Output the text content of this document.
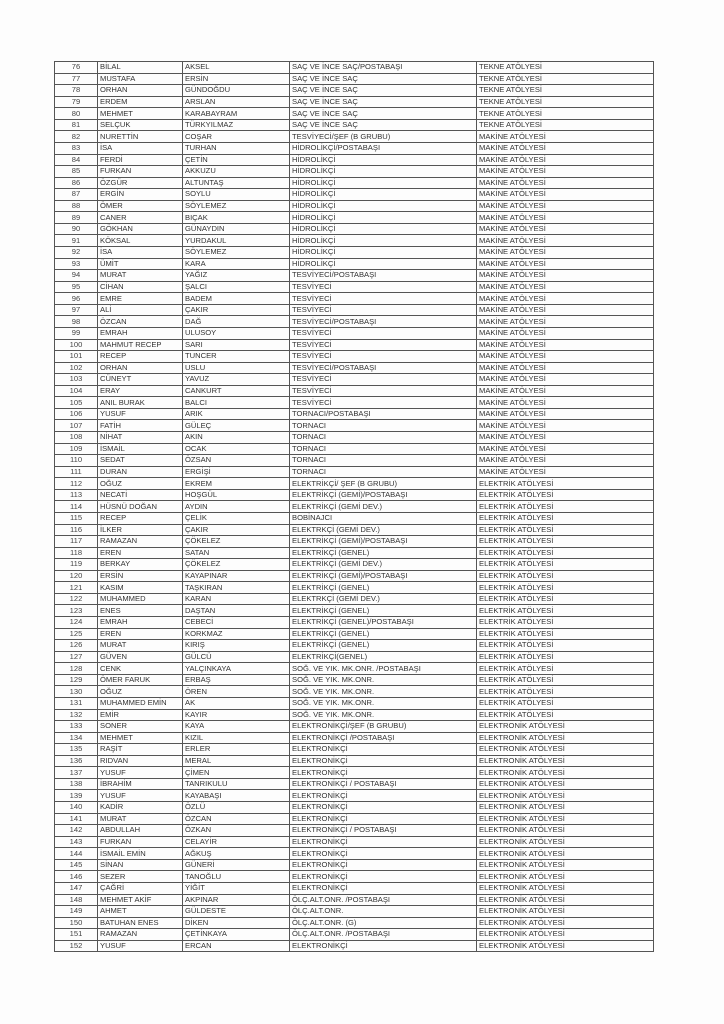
76	BİLAL	AKSEL	SAÇ VE İNCE SAÇ/POSTABAŞI	TEKNE ATÖLYESİ
77	MUSTAFA	ERSİN	SAÇ VE İNCE SAÇ	TEKNE ATÖLYESİ
78	ORHAN	GÜNDOĞDU	SAÇ VE İNCE SAÇ	TEKNE ATÖLYESİ
79	ERDEM	ARSLAN	SAÇ VE İNCE SAÇ	TEKNE ATÖLYESİ
80	MEHMET	KARABAYRAM	SAÇ VE İNCE SAÇ	TEKNE ATÖLYESİ
81	SELÇUK	TÜRKYILMAZ	SAÇ VE İNCE SAÇ	TEKNE ATÖLYESİ
82	NURETTİN	COŞAR	TESVİYECİ/ŞEF (B GRUBU)	MAKİNE ATÖLYESİ
83	İSA	TURHAN	HİDROLİKÇİ/POSTABAŞI	MAKİNE ATÖLYESİ
84	FERDİ	ÇETİN	HİDROLİKÇİ	MAKİNE ATÖLYESİ
85	FURKAN	AKKUZU	HİDROLİKÇİ	MAKİNE ATÖLYESİ
86	ÖZGÜR	ALTUNTAŞ	HİDROLİKÇİ	MAKİNE ATÖLYESİ
87	ERGİN	SOYLU	HİDROLİKÇİ	MAKİNE ATÖLYESİ
88	ÖMER	SÖYLEMEZ	HİDROLİKÇİ	MAKİNE ATÖLYESİ
89	CANER	BIÇAK	HİDROLİKÇİ	MAKİNE ATÖLYESİ
90	GÖKHAN	GÜNAYDIN	HİDROLİKÇİ	MAKİNE ATÖLYESİ
91	KÖKSAL	YURDAKUL	HİDROLİKÇİ	MAKİNE ATÖLYESİ
92	İSA	SÖYLEMEZ	HİDROLİKÇİ	MAKİNE ATÖLYESİ
93	ÜMİT	KARA	HİDROLİKÇİ	MAKİNE ATÖLYESİ
94	MURAT	YAĞIZ	TESVİYECİ/POSTABAŞI	MAKİNE ATÖLYESİ
95	CİHAN	ŞALCI	TESVİYECİ	MAKİNE ATÖLYESİ
96	EMRE	BADEM	TESVİYECİ	MAKİNE ATÖLYESİ
97	ALİ	ÇAKIR	TESVİYECİ	MAKİNE ATÖLYESİ
98	ÖZCAN	DAĞ	TESVİYECİ/POSTABAŞI	MAKİNE ATÖLYESİ
99	EMRAH	ULUSOY	TESVİYECİ	MAKİNE ATÖLYESİ
100	MAHMUT RECEP	SARI	TESVİYECİ	MAKİNE ATÖLYESİ
101	RECEP	TUNCER	TESVİYECİ	MAKİNE ATÖLYESİ
102	ORHAN	USLU	TESVİYECİ/POSTABAŞI	MAKİNE ATÖLYESİ
103	CÜNEYT	YAVUZ	TESVİYECİ	MAKİNE ATÖLYESİ
104	ERAY	CANKURT	TESVİYECİ	MAKİNE ATÖLYESİ
105	ANIL BURAK	BALCI	TESVİYECİ	MAKİNE ATÖLYESİ
106	YUSUF	ARIK	TORNACI/POSTABAŞI	MAKİNE ATÖLYESİ
107	FATİH	GÜLEÇ	TORNACI	MAKİNE ATÖLYESİ
108	NİHAT	AKIN	TORNACI	MAKİNE ATÖLYESİ
109	İSMAİL	OCAK	TORNACI	MAKİNE ATÖLYESİ
110	SEDAT	ÖZSAN	TORNACI	MAKİNE ATÖLYESİ
111	DURAN	ERGİŞİ	TORNACI	MAKİNE ATÖLYESİ
112	OĞUZ	EKREM	ELEKTRİKÇİ/ ŞEF (B GRUBU)	ELEKTRİK ATÖLYESİ
113	NECATİ	HOŞGÜL	ELEKTRİKÇİ (GEMİ)/POSTABAŞI	ELEKTRİK ATÖLYESİ
114	HÜSNÜ DOĞAN	AYDIN	ELEKTRİKÇİ (GEMİ DEV.)	ELEKTRİK ATÖLYESİ
115	RECEP	ÇELİK	BOBİNAJCI	ELEKTRİK ATÖLYESİ
116	İLKER	ÇAKIR	ELEKTRKÇİ (GEMİ DEV.)	ELEKTRİK ATÖLYESİ
117	RAMAZAN	ÇÖKELEZ	ELEKTRİKÇİ (GEMİ)/POSTABAŞI	ELEKTRİK ATÖLYESİ
118	EREN	SATAN	ELEKTRİKÇİ (GENEL)	ELEKTRİK ATÖLYESİ
119	BERKAY	ÇÖKELEZ	ELEKTRİKÇİ (GEMİ DEV.)	ELEKTRİK ATÖLYESİ
120	ERSİN	KAYAPINAR	ELEKTRİKÇİ (GEMİ)/POSTABAŞI	ELEKTRİK ATÖLYESİ
121	KASIM	TAŞKIRAN	ELEKTRİKÇİ (GENEL)	ELEKTRİK ATÖLYESİ
122	MUHAMMED	KARAN	ELEKTRKÇİ (GEMİ DEV.)	ELEKTRİK ATÖLYESİ
123	ENES	DAŞTAN	ELEKTRİKÇİ (GENEL)	ELEKTRİK ATÖLYESİ
124	EMRAH	CEBECİ	ELEKTRİKÇİ (GENEL)/POSTABAŞI	ELEKTRİK ATÖLYESİ
125	EREN	KORKMAZ	ELEKTRİKÇİ (GENEL)	ELEKTRİK ATÖLYESİ
126	MURAT	KIRIŞ	ELEKTRİKÇİ (GENEL)	ELEKTRİK ATÖLYESİ
127	GÜVEN	GÜLCÜ	ELEKTRİKÇİ(GENEL)	ELEKTRİK ATÖLYESİ
128	CENK	YALÇINKAYA	SOĞ. VE YIK. MK.ONR. /POSTABAŞI	ELEKTRİK ATÖLYESİ
129	ÖMER FARUK	ERBAŞ	SOĞ. VE YIK. MK.ONR.	ELEKTRİK ATÖLYESİ
130	OĞUZ	ÖREN	SOĞ. VE YIK. MK.ONR.	ELEKTRİK ATÖLYESİ
131	MUHAMMED EMİN	AK	SOĞ. VE YIK. MK.ONR.	ELEKTRİK ATÖLYESİ
132	EMİR	KAYIR	SOĞ. VE YIK. MK.ONR.	ELEKTRİK ATÖLYESİ
133	SONER	KAYA	ELEKTRONİKÇİ/ŞEF (B GRUBU)	ELEKTRONİK ATÖLYESİ
134	MEHMET	KIZIL	ELEKTRONİKÇİ /POSTABAŞI	ELEKTRONİK ATÖLYESİ
135	RAŞİT	ERLER	ELEKTRONİKÇİ	ELEKTRONİK ATÖLYESİ
136	RIDVAN	MERAL	ELEKTRONİKÇİ	ELEKTRONİK ATÖLYESİ
137	YUSUF	ÇİMEN	ELEKTRONİKÇİ	ELEKTRONİK ATÖLYESİ
138	İBRAHİM	TANRIKULU	ELEKTRONİKÇİ / POSTABAŞI	ELEKTRONİK ATÖLYESİ
139	YUSUF	KAYABAŞI	ELEKTRONİKÇİ	ELEKTRONİK ATÖLYESİ
140	KADİR	ÖZLÜ	ELEKTRONİKÇİ	ELEKTRONİK ATÖLYESİ
141	MURAT	ÖZCAN	ELEKTRONİKÇİ	ELEKTRONİK ATÖLYESİ
142	ABDULLAH	ÖZKAN	ELEKTRONİKÇİ / POSTABAŞI	ELEKTRONİK ATÖLYESİ
143	FURKAN	CELAYİR	ELEKTRONİKÇİ	ELEKTRONİK ATÖLYESİ
144	İSMAİL EMİN	AĞKUŞ	ELEKTRONİKÇİ	ELEKTRONİK ATÖLYESİ
145	SİNAN	GÜNERİ	ELEKTRONİKÇİ	ELEKTRONİK ATÖLYESİ
146	SEZER	TANOĞLU	ELEKTRONİKÇİ	ELEKTRONİK ATÖLYESİ
147	ÇAĞRİ	YİĞİT	ELEKTRONİKÇİ	ELEKTRONİK ATÖLYESİ
148	MEHMET AKİF	AKPINAR	ÖLÇ.ALT.ONR. /POSTABAŞI	ELEKTRONİK ATÖLYESİ
149	AHMET	GÜLDESTE	ÖLÇ.ALT.ONR.	ELEKTRONİK ATÖLYESİ
150	BATUHAN ENES	DİKEN	ÖLÇ.ALT.ONR. (G)	ELEKTRONİK ATÖLYESİ
151	RAMAZAN	ÇETİNKAYA	ÖLÇ.ALT.ONR. /POSTABAŞI	ELEKTRONİK ATÖLYESİ
152	YUSUF	ERCAN	ELEKTRONİKÇİ	ELEKTRONİK ATÖLYESİ
